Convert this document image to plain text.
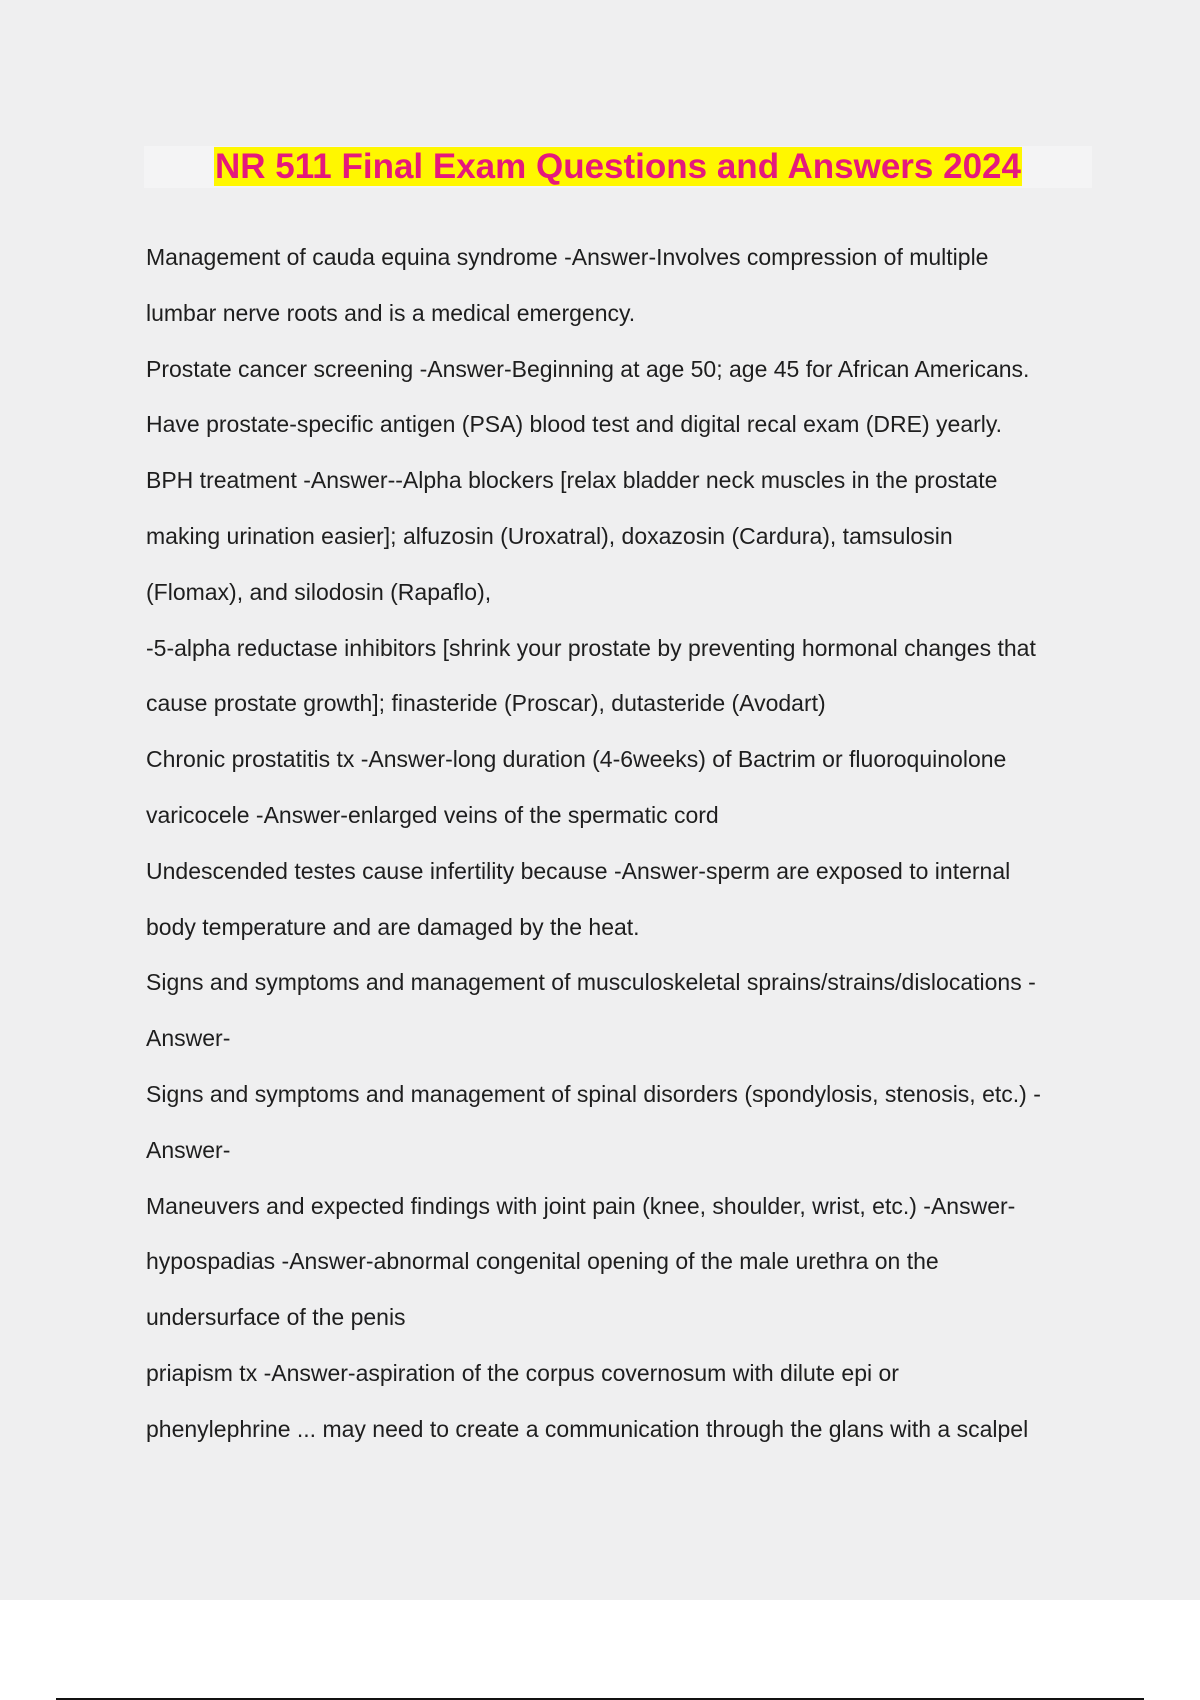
NR 511 Final Exam Questions and Answers 2024
Management of cauda equina syndrome -Answer-Involves compression of multiple
lumbar nerve roots and is a medical emergency.
Prostate cancer screening -Answer-Beginning at age 50; age 45 for African Americans.
Have prostate-specific antigen (PSA) blood test and digital recal exam (DRE) yearly.
BPH treatment -Answer--Alpha blockers [relax bladder neck muscles in the prostate
making urination easier]; alfuzosin (Uroxatral), doxazosin (Cardura), tamsulosin
(Flomax), and silodosin (Rapaflo),
-5-alpha reductase inhibitors [shrink your prostate by preventing hormonal changes that
cause prostate growth]; finasteride (Proscar), dutasteride (Avodart)
Chronic prostatitis tx -Answer-long duration (4-6weeks) of Bactrim or fluoroquinolone
varicocele -Answer-enlarged veins of the spermatic cord
Undescended testes cause infertility because -Answer-sperm are exposed to internal
body temperature and are damaged by the heat.
Signs and symptoms and management of musculoskeletal sprains/strains/dislocations -
Answer-
Signs and symptoms and management of spinal disorders (spondylosis, stenosis, etc.) -
Answer-
Maneuvers and expected findings with joint pain (knee, shoulder, wrist, etc.) -Answer-
hypospadias -Answer-abnormal congenital opening of the male urethra on the
undersurface of the penis
priapism tx -Answer-aspiration of the corpus covernosum with dilute epi or
phenylephrine ... may need to create a communication through the glans with a scalpel
